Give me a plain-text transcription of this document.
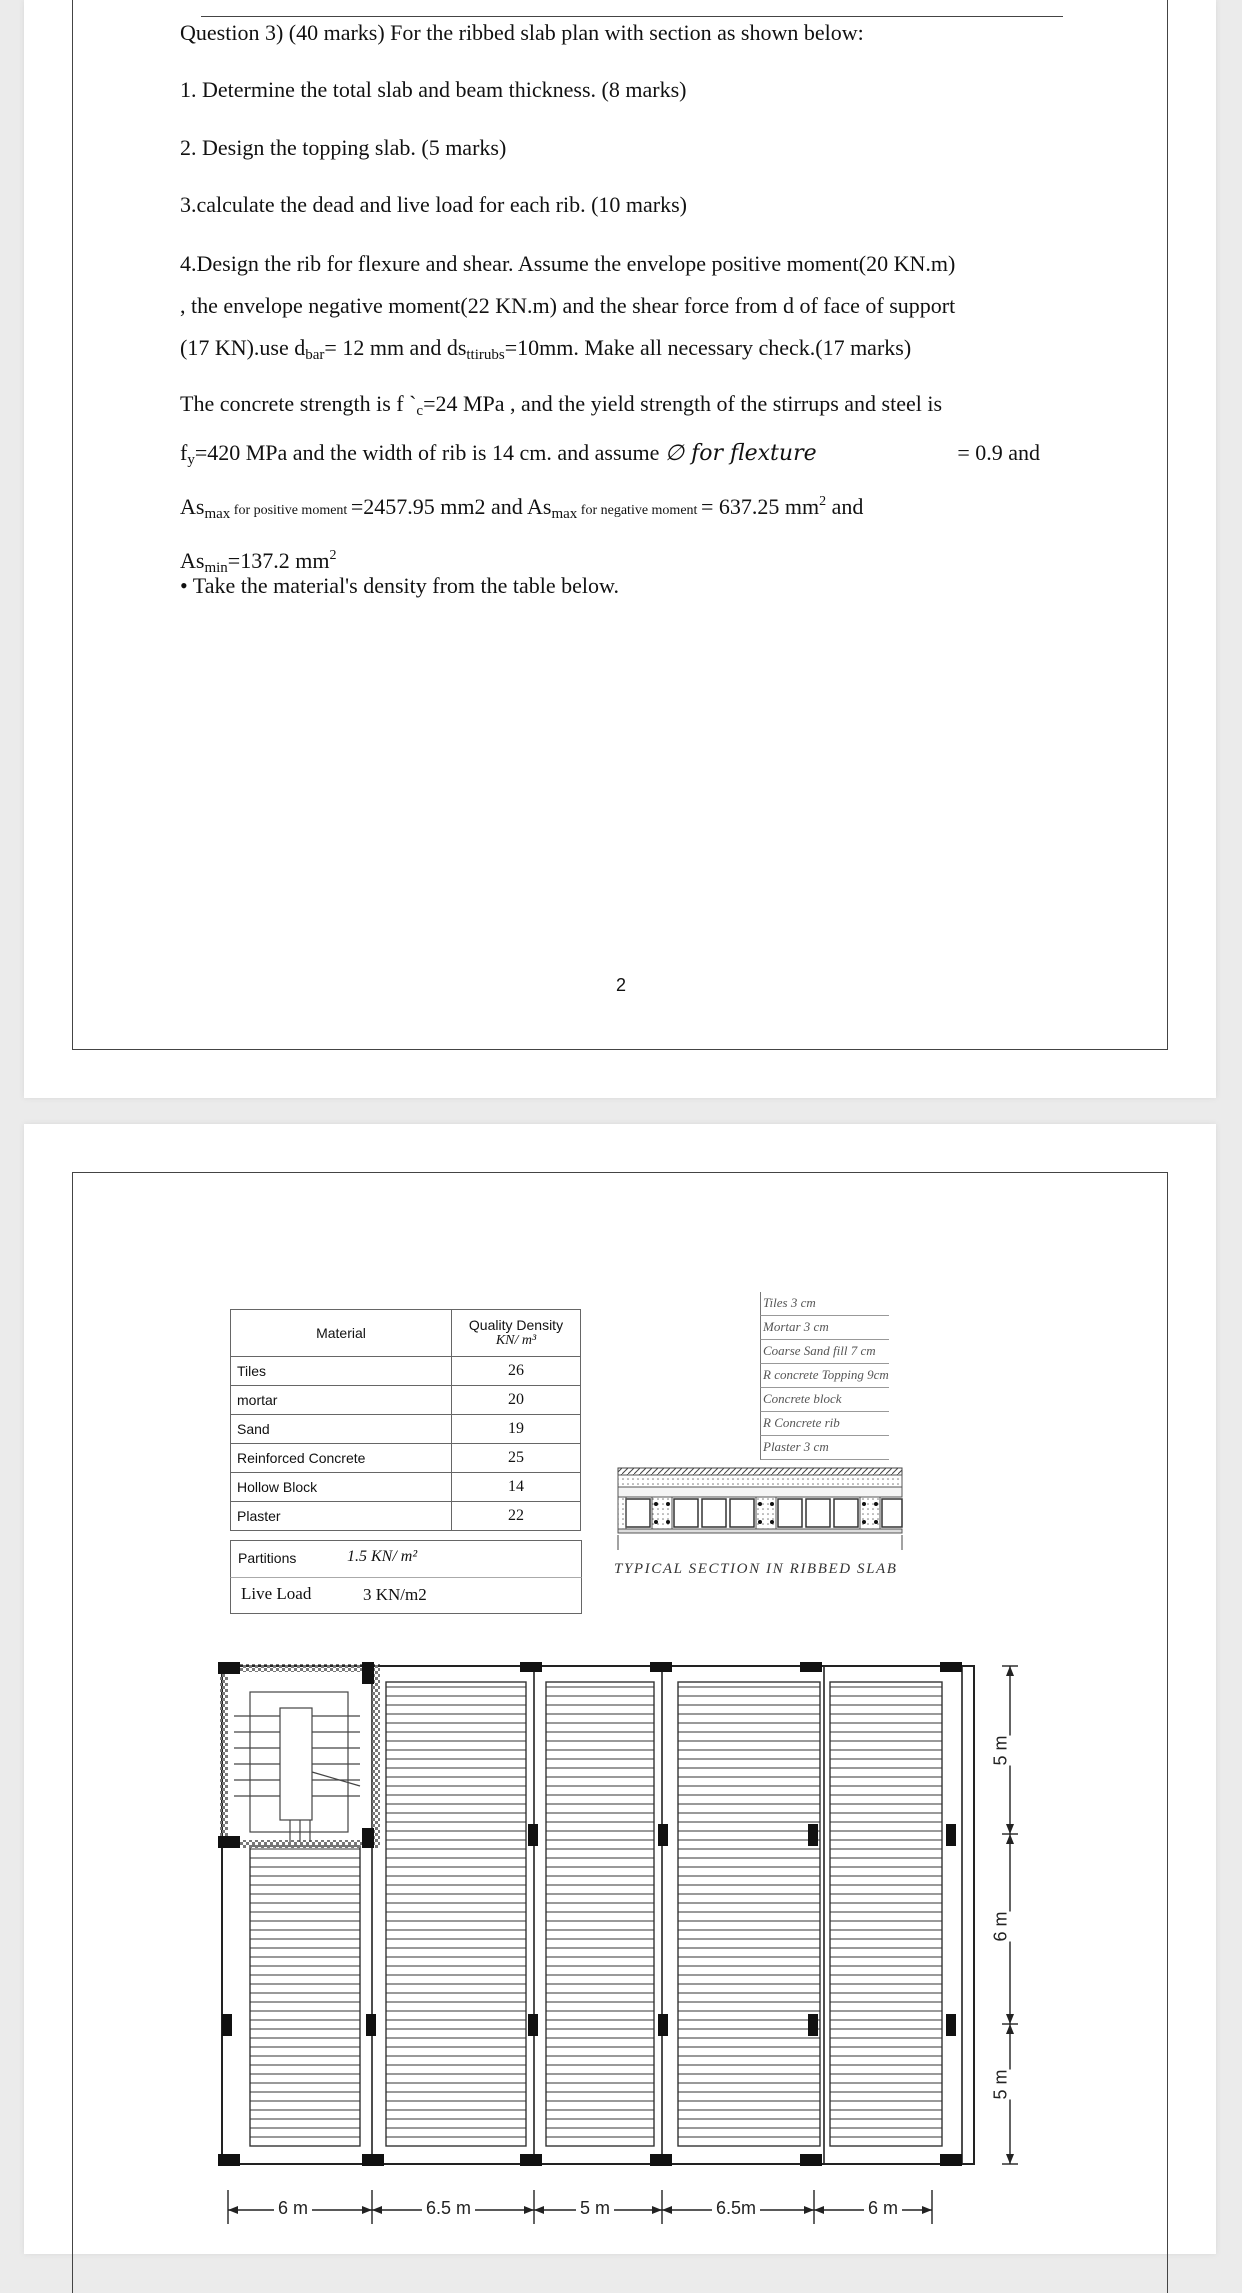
Question 3) (40 marks) For the ribbed slab plan with section as shown below:
1. Determine the total slab and beam thickness. (8 marks)
2. Design the topping slab. (5 marks)
3.calculate the dead and live load for each rib. (10 marks)
4.Design the rib for flexure and shear. Assume the envelope positive moment(20 KN.m)
, the envelope negative moment(22 KN.m) and the shear force from d of face of support
(17 KN).use $d_{bar}= 12$ mm and $ds_{ttirubs}=10mm$. Make all necessary check.(17 marks)
The concrete strength is f $`_c=24$ MPa , and the yield strength of the stirrups and steel is
$f_y=420$ MPa and the width of rib is 14 cm. and assume ∅ for flexture	= 0.9 and
$As_{max}$ for positive moment =2457.95 mm2 and $As_{max}$ for negative moment = 637.25 $mm^2$ and
$As_{min}=137.2$ $mm^2$
• Take the material's density from the table below.
2
Material	Quality Density
KN/ m³

Tiles	26
mortar	20
Sand	19
Reinforced Concrete	25
Hollow Block	14
Plaster	22
Partitions	1.5 KN/ m²
Live Load	3 KN/m2
Tiles 3 cm
Mortar 3 cm
Coarse Sand fill 7 cm
R concrete Topping 9cm
Concrete block
R Concrete rib
Plaster 3 cm
TYPICAL SECTION IN RIBBED SLAB
6 m	6.5 m	5 m	6.5m	6 m
5 m
6 m
5 m
